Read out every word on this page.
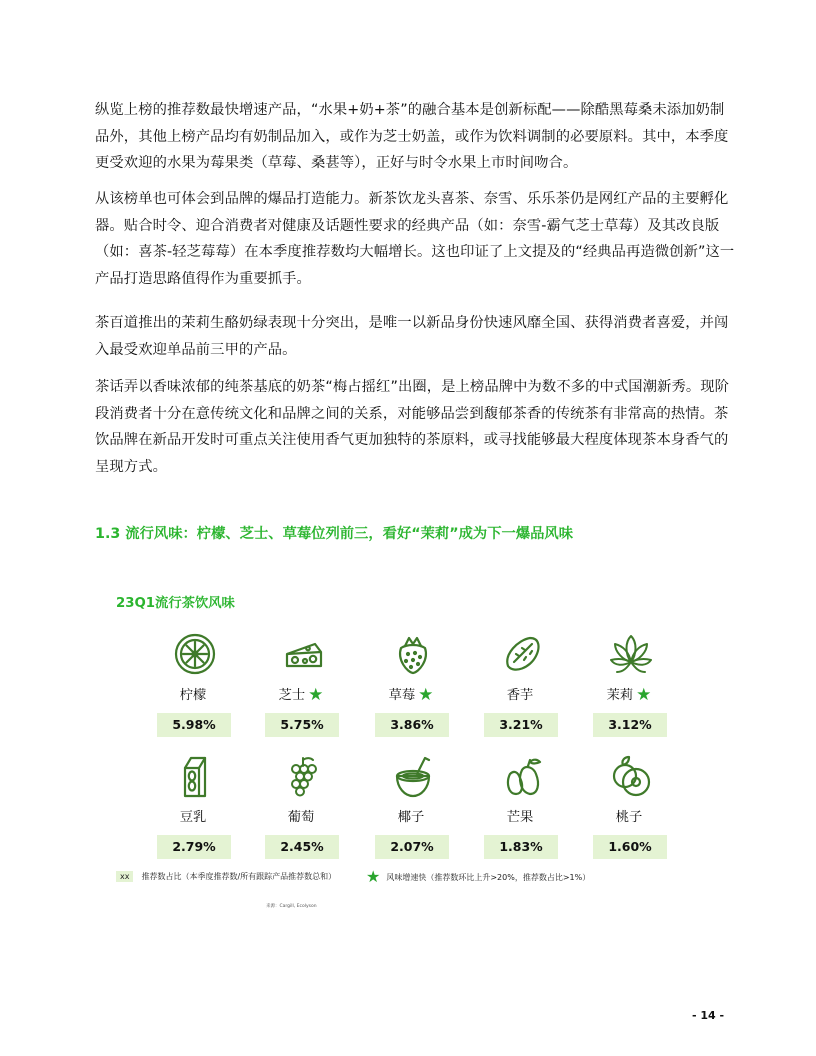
纵览上榜的推荐数最快增速产品，“水果+奶+茶”的融合基本是创新标配——除酷黑莓桑未添加奶制品外，其他上榜产品均有奶制品加入，或作为芝士奶盖，或作为饮料调制的必要原料。其中，本季度更受欢迎的水果为莓果类（草莓、桑葚等），正好与时令水果上市时间吻合。

从该榜单也可体会到品牌的爆品打造能力。新茶饮龙头喜茶、奈雪、乐乐茶仍是网红产品的主要孵化器。贴合时令、迎合消费者对健康及话题性要求的经典产品（如：奈雪-霸气芝士草莓）及其改良版（如：喜茶-轻芝莓莓）在本季度推荐数均大幅增长。这也印证了上文提及的“经典品再造微创新”这一产品打造思路值得作为重要抓手。

茶百道推出的茉莉生酪奶绿表现十分突出，是唯一以新品身份快速风靡全国、获得消费者喜爱，并闯入最受欢迎单品前三甲的产品。

茶话弄以香味浓郁的纯茶基底的奶茶“梅占摇红”出圈，是上榜品牌中为数不多的中式国潮新秀。现阶段消费者十分在意传统文化和品牌之间的关系，对能够品尝到馥郁茶香的传统茶有非常高的热情。茶饮品牌在新品开发时可重点关注使用香气更加独特的茶原料，或寻找能够最大程度体现茶本身香气的呈现方式。

1.3 流行风味：柠檬、芝士、草莓位列前三，看好“茉莉”成为下一爆品风味
23Q1流行茶饮风味
柠檬
5.98%
芝士 ★
5.75%
草莓 ★
3.86%
香芋
3.21%
茉莉 ★
3.12%
豆乳
2.79%
葡萄
2.45%
椰子
2.07%
芒果
1.83%
桃子
1.60%
xx	推荐数占比（本季度推荐数/所有跟踪产品推荐数总和） ★ 风味增速快（推荐数环比上升>20%，推荐数占比>1%）
来源：Cargill, Ecolyson
- 14 -
